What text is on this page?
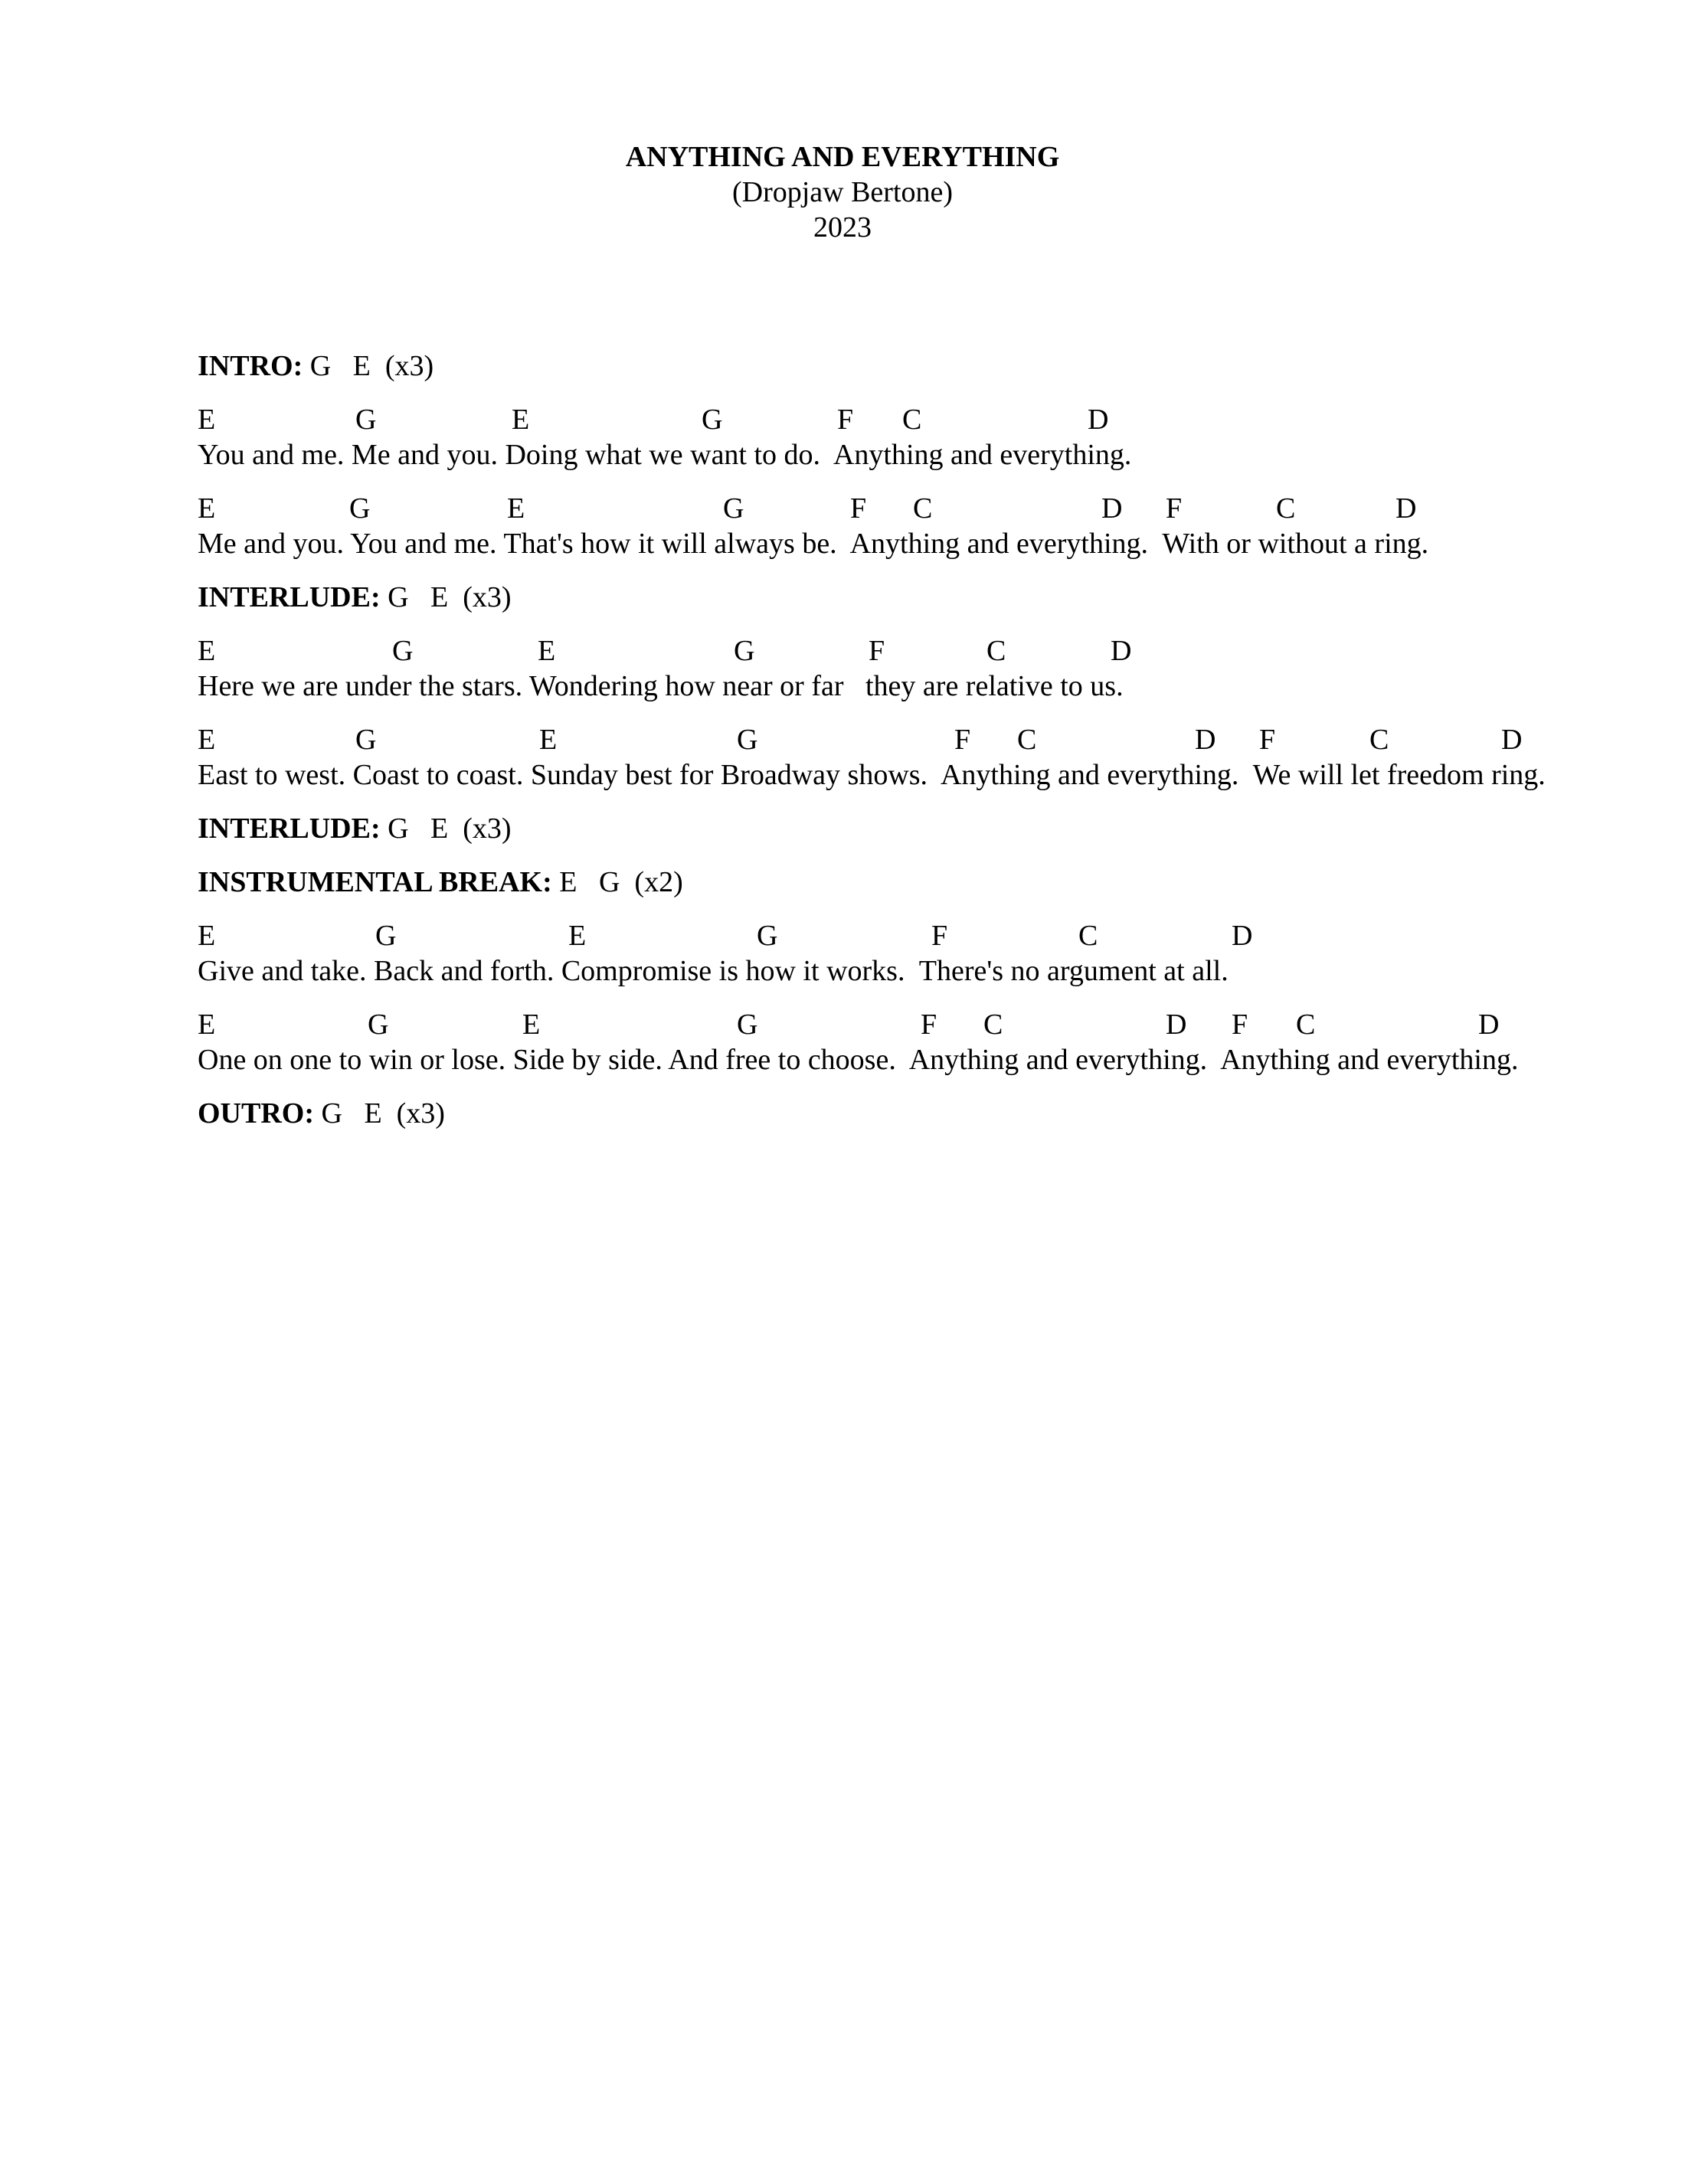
ANYTHING AND EVERYTHING
(Dropjaw Bertone)
2023
INTRO: G   E  (x3)

E

	G

	E

	G

	F

C

	D

You and me. Me and you. Doing what we want to do.  Anything and everything.

E

	G

	E

	G

	F

C

	D

F

	C

	D

Me and you. You and me. That's how it will always be.  Anything and everything.  With or without a ring.
INTERLUDE: G   E  (x3)

E

	G

	E

	G

	F

	C

	D

Here we are under the stars. Wondering how near or far   they are relative to us.

E

	G

	E

	G

	F

C

	D

F

	C

	D

East to west. Coast to coast. Sunday best for Broadway shows.  Anything and everything.  We will let freedom ring.
INTERLUDE: G   E  (x3)
INSTRUMENTAL BREAK: E   G  (x2)

E

	G

	E

	G

	F

	C

	D

Give and take. Back and forth. Compromise is how it works.  There's no argument at all.

E

	G

	E

	G

	F

C

	D

F

C

	D

One on one to win or lose. Side by side. And free to choose.  Anything and everything.  Anything and everything.
OUTRO: G   E  (x3)
